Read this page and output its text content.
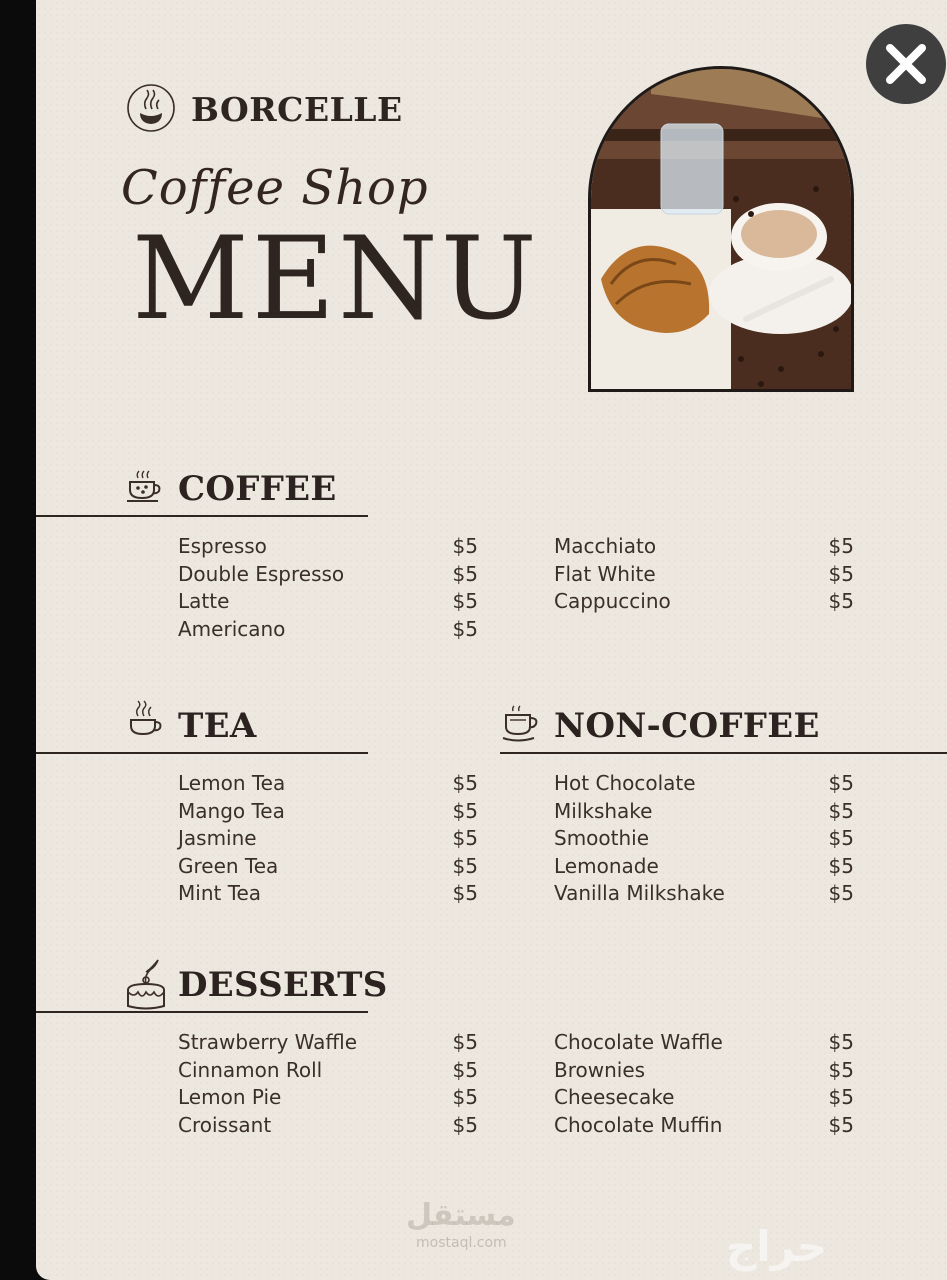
BORCELLE
Coffee Shop
MENU
COFFEE
Espresso	$5
Double Espresso	$5
Latte	$5
Americano	$5
Macchiato	$5
Flat White	$5
Cappuccino	$5
TEA
Lemon Tea	$5
Mango Tea	$5
Jasmine	$5
Green Tea	$5
Mint Tea	$5
NON-COFFEE
Hot Chocolate	$5
Milkshake	$5
Smoothie	$5
Lemonade	$5
Vanilla Milkshake	$5
DESSERTS
Strawberry Waffle	$5
Cinnamon Roll	$5
Lemon Pie	$5
Croissant	$5
Chocolate Waffle	$5
Brownies	$5
Cheesecake	$5
Chocolate Muffin	$5
مستقل
mostaql.com	حراج
